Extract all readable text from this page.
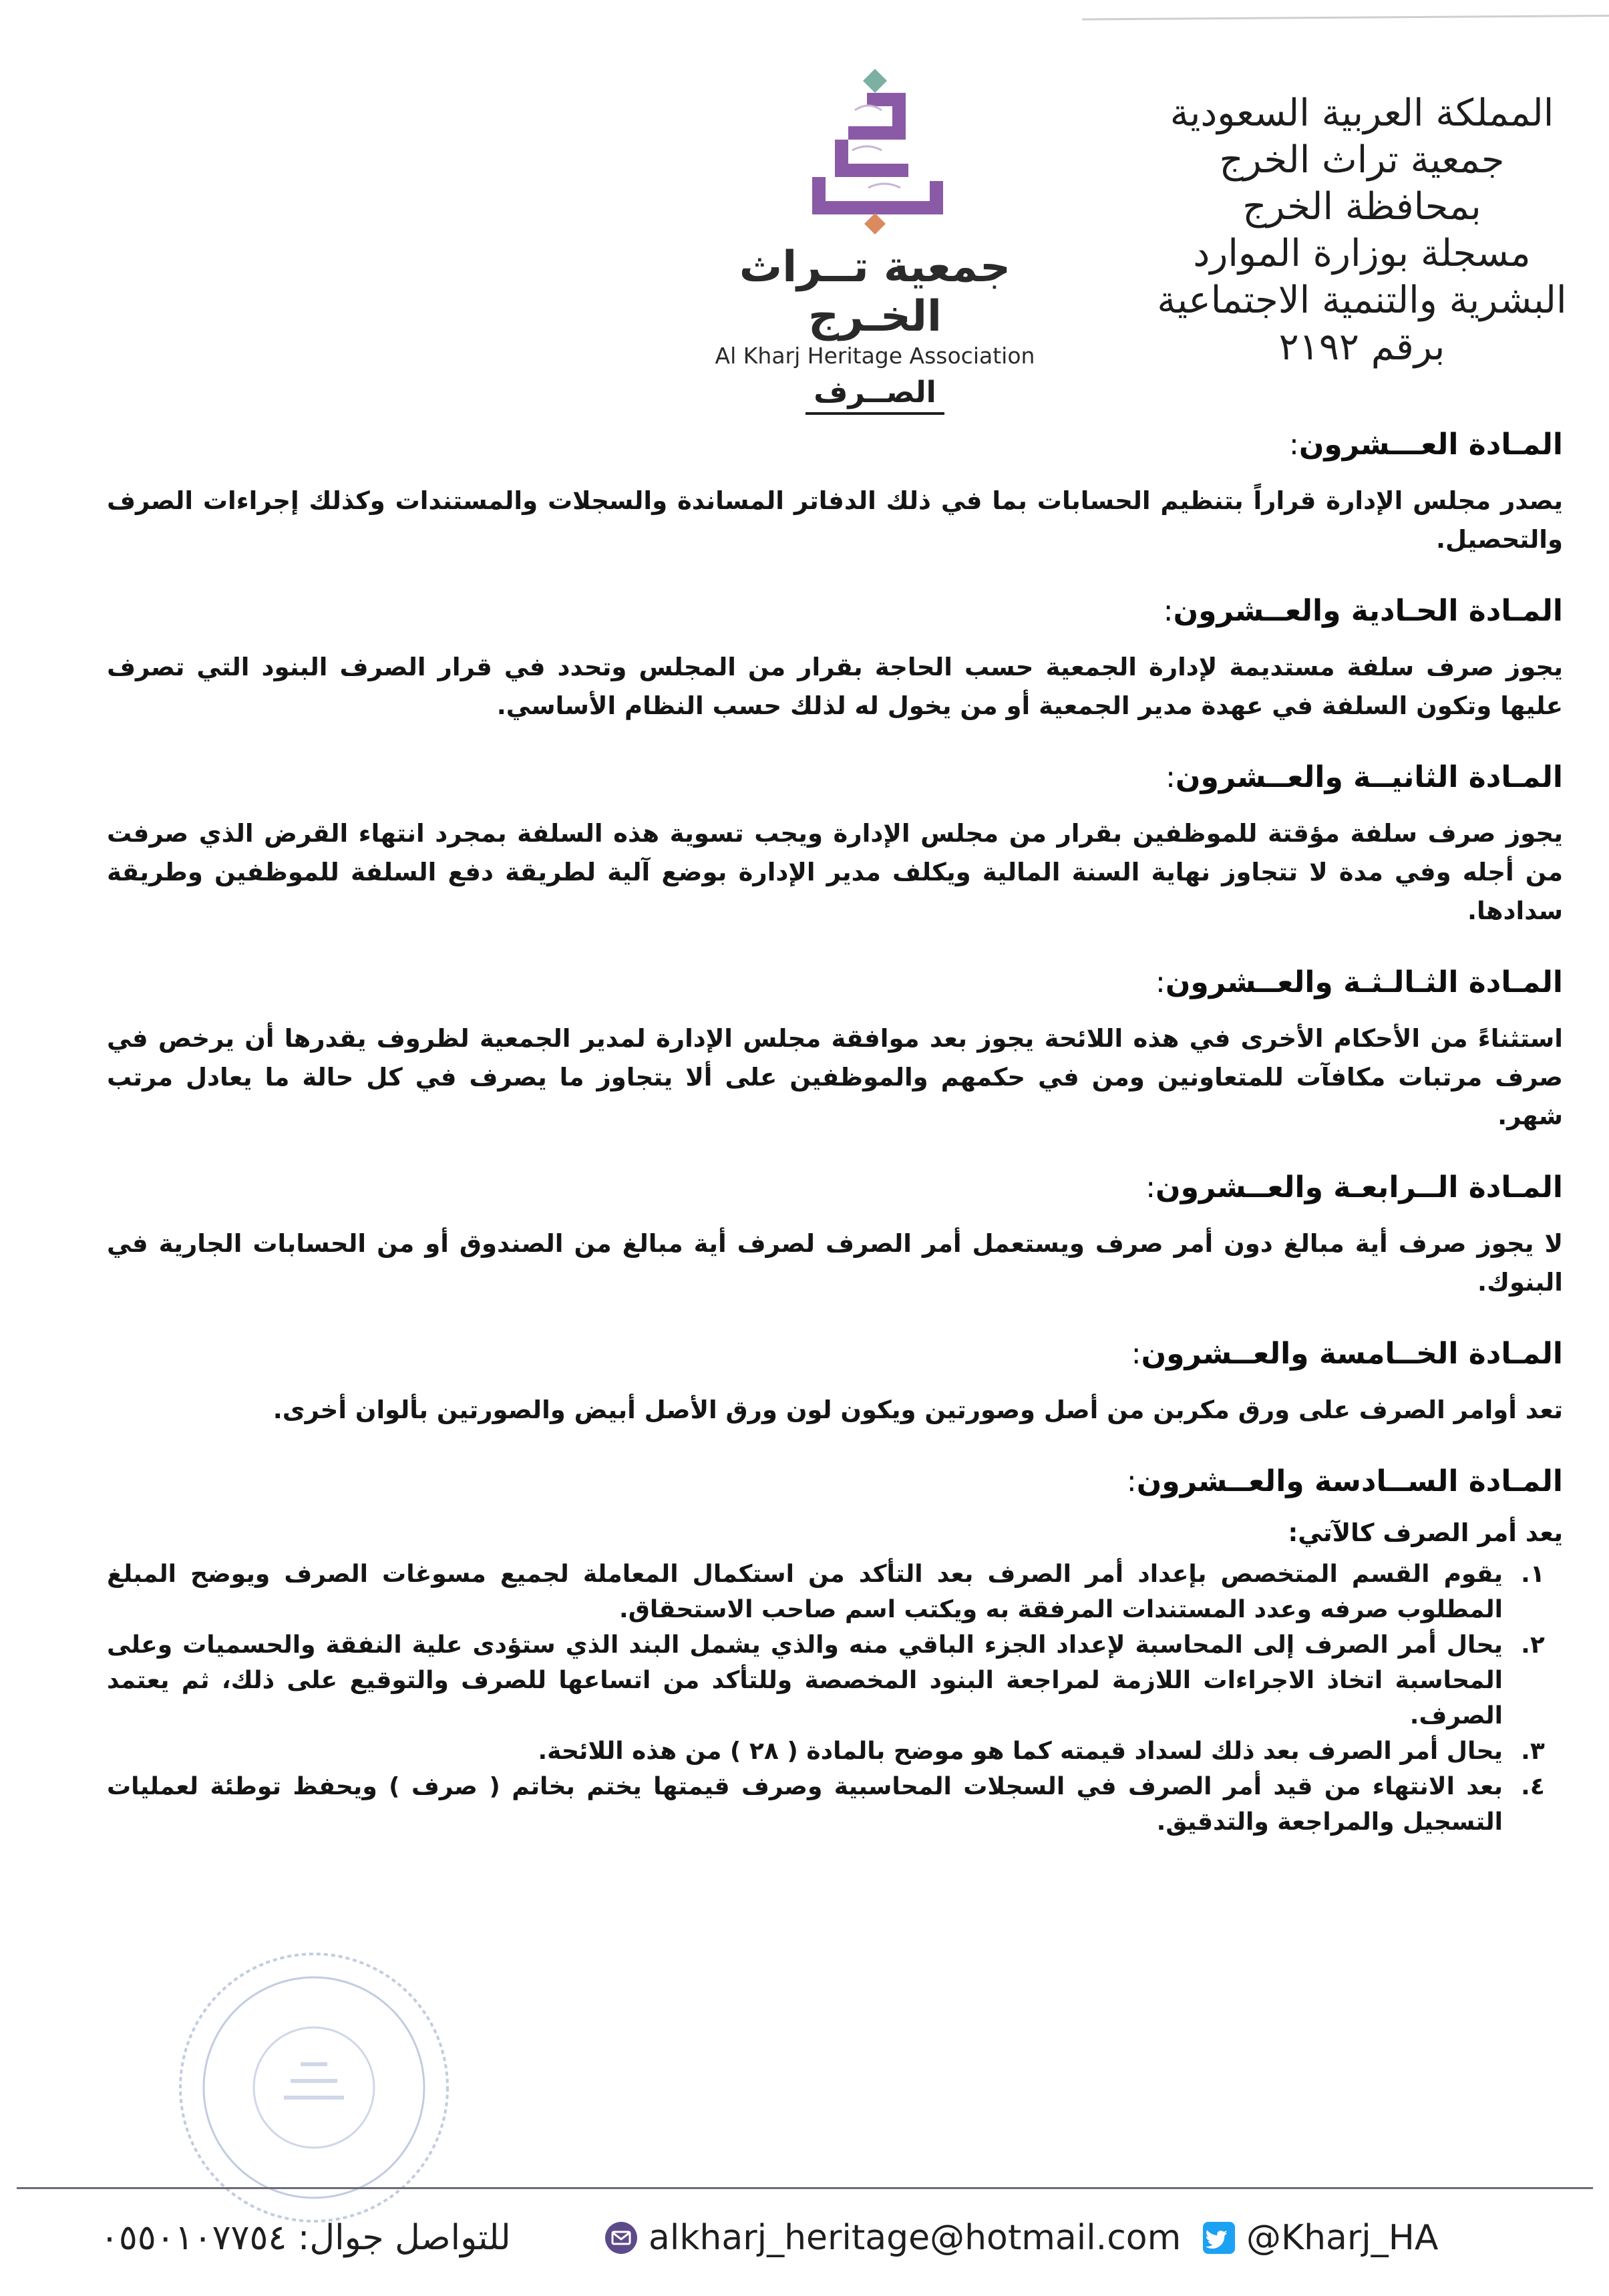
المملكة العربية السعودية
جمعية تراث الخرج
بمحافظة الخرج
مسجلة بوزارة الموارد
البشرية والتنمية الاجتماعية
برقم ٢١٩٢
جمعية تــراث الخـرج
Al Kharj Heritage Association
الصــرف
المـادة العـــشرون:
يصدر مجلس الإدارة قراراً بتنظيم الحسابات بما في ذلك الدفاتر المساندة والسجلات والمستندات وكذلك إجراءات الصرف والتحصيل.
المـادة الحـادية والعــشرون:
يجوز صرف سلفة مستديمة لإدارة الجمعية حسب الحاجة بقرار من المجلس وتحدد في قرار الصرف البنود التي تصرف عليها وتكون السلفة في عهدة مدير الجمعية أو من يخول له لذلك حسب النظام الأساسي.
المـادة الثانيــة والعــشرون:
يجوز صرف سلفة مؤقتة للموظفين بقرار من مجلس الإدارة ويجب تسوية هذه السلفة بمجرد انتهاء القرض الذي صرفت من أجله وفي مدة لا تتجاوز نهاية السنة المالية ويكلف مدير الإدارة بوضع آلية لطريقة دفع السلفة للموظفين وطريقة سدادها.
المـادة الثـالـثـة والعــشرون:
استثناءً من الأحكام الأخرى في هذه اللائحة يجوز بعد موافقة مجلس الإدارة لمدير الجمعية لظروف يقدرها أن يرخص في صرف مرتبات مكافآت للمتعاونين ومن في حكمهم والموظفين على ألا يتجاوز ما يصرف في كل حالة ما يعادل مرتب شهر.
المـادة الــرابعـة والعــشرون:
لا يجوز صرف أية مبالغ دون أمر صرف ويستعمل أمر الصرف لصرف أية مبالغ من الصندوق أو من الحسابات الجارية في البنوك.
المـادة الخــامسة والعــشرون:
تعد أوامر الصرف على ورق مكربن من أصل وصورتين ويكون لون ورق الأصل أبيض والصورتين بألوان أخرى.
المـادة الســادسة والعــشرون:
يعد أمر الصرف كالآتي:
١.
يقوم القسم المتخصص بإعداد أمر الصرف بعد التأكد من استكمال المعاملة لجميع مسوغات الصرف ويوضح المبلغ المطلوب صرفه وعدد المستندات المرفقة به ويكتب اسم صاحب الاستحقاق.
٢.
يحال أمر الصرف إلى المحاسبة لإعداد الجزء الباقي منه والذي يشمل البند الذي ستؤدى علية النفقة والحسميات وعلى المحاسبة اتخاذ الاجراءات اللازمة لمراجعة البنود المخصصة وللتأكد من اتساعها للصرف والتوقيع على ذلك، ثم يعتمد الصرف.
٣.
يحال أمر الصرف بعد ذلك لسداد قيمته كما هو موضح بالمادة ( ٢٨ ) من هذه اللائحة.
٤.
بعد الانتهاء من قيد أمر الصرف في السجلات المحاسبية وصرف قيمتها يختم بخاتم ( صرف ) ويحفظ توطئة لعمليات التسجيل والمراجعة والتدقيق.
للتواصل جوال: ٠٥٥٠١٠٧٧٥٤	alkharj_heritage@hotmail.com @Kharj_HA
